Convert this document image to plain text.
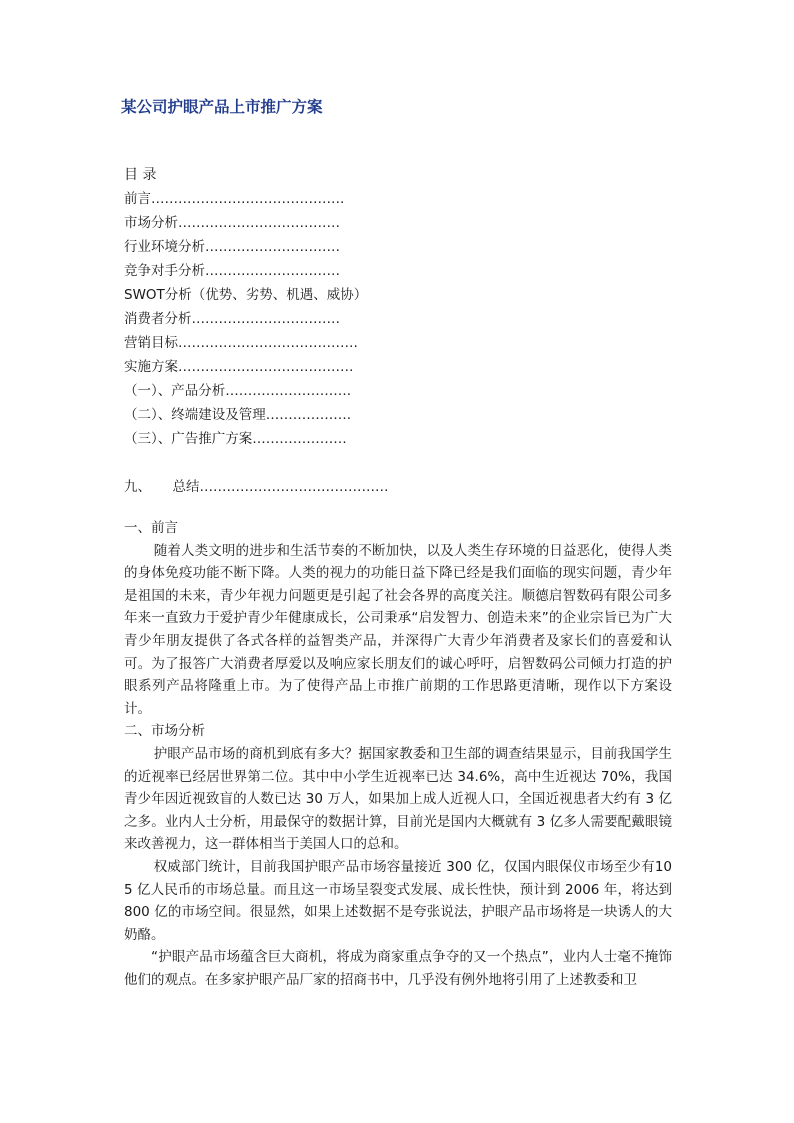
某公司护眼产品上市推广方案
目 录
前言…………………………………….
市场分析………………………………
行业环境分析…………………………
竞争对手分析…………………………
SWOT分析（优势、劣势、机遇、威协）
消费者分析……………………………
营销目标………………………………….
实施方案…………………………………
（一）、产品分析……………………….
（二）、终端建设及管理……………….
（三）、广告推广方案…………………
九、     总结……………………………………
一、前言

随着人类文明的进步和生活节奏的不断加快，以及人类生存环境的日益恶化，使得人类的身体免疫功能不断下降。人类的视力的功能日益下降已经是我们面临的现实问题，青少年是祖国的未来，青少年视力问题更是引起了社会各界的高度关注。顺德启智数码有限公司多年来一直致力于爱护青少年健康成长，公司秉承“启发智力、创造未来”的企业宗旨已为广大青少年朋友提供了各式各样的益智类产品，并深得广大青少年消费者及家长们的喜爱和认可。为了报答广大消费者厚爱以及响应家长朋友们的诚心呼吁，启智数码公司倾力打造的护眼系列产品将隆重上市。为了使得产品上市推广前期的工作思路更清晰，现作以下方案设计。

二、市场分析

护眼产品市场的商机到底有多大？据国家教委和卫生部的调查结果显示，目前我国学生的近视率已经居世界第二位。其中中小学生近视率已达 34.6%，高中生近视达 70%，我国青少年因近视致盲的人数已达 30 万人，如果加上成人近视人口，全国近视患者大约有 3 亿之多。业内人士分析，用最保守的数据计算，目前光是国内大概就有 3 亿多人需要配戴眼镜来改善视力，这一群体相当于美国人口的总和。

权威部门统计，目前我国护眼产品市场容量接近 300 亿，仅国内眼保仪市场至少有105 亿人民币的市场总量。而且这一市场呈裂变式发展、成长性快，预计到 2006 年，将达到 800 亿的市场空间。很显然，如果上述数据不是夸张说法，护眼产品市场将是一块诱人的大奶酪。

“护眼产品市场蕴含巨大商机，将成为商家重点争夺的又一个热点”，业内人士毫不掩饰他们的观点。在多家护眼产品厂家的招商书中，几乎没有例外地将引用了上述教委和卫
